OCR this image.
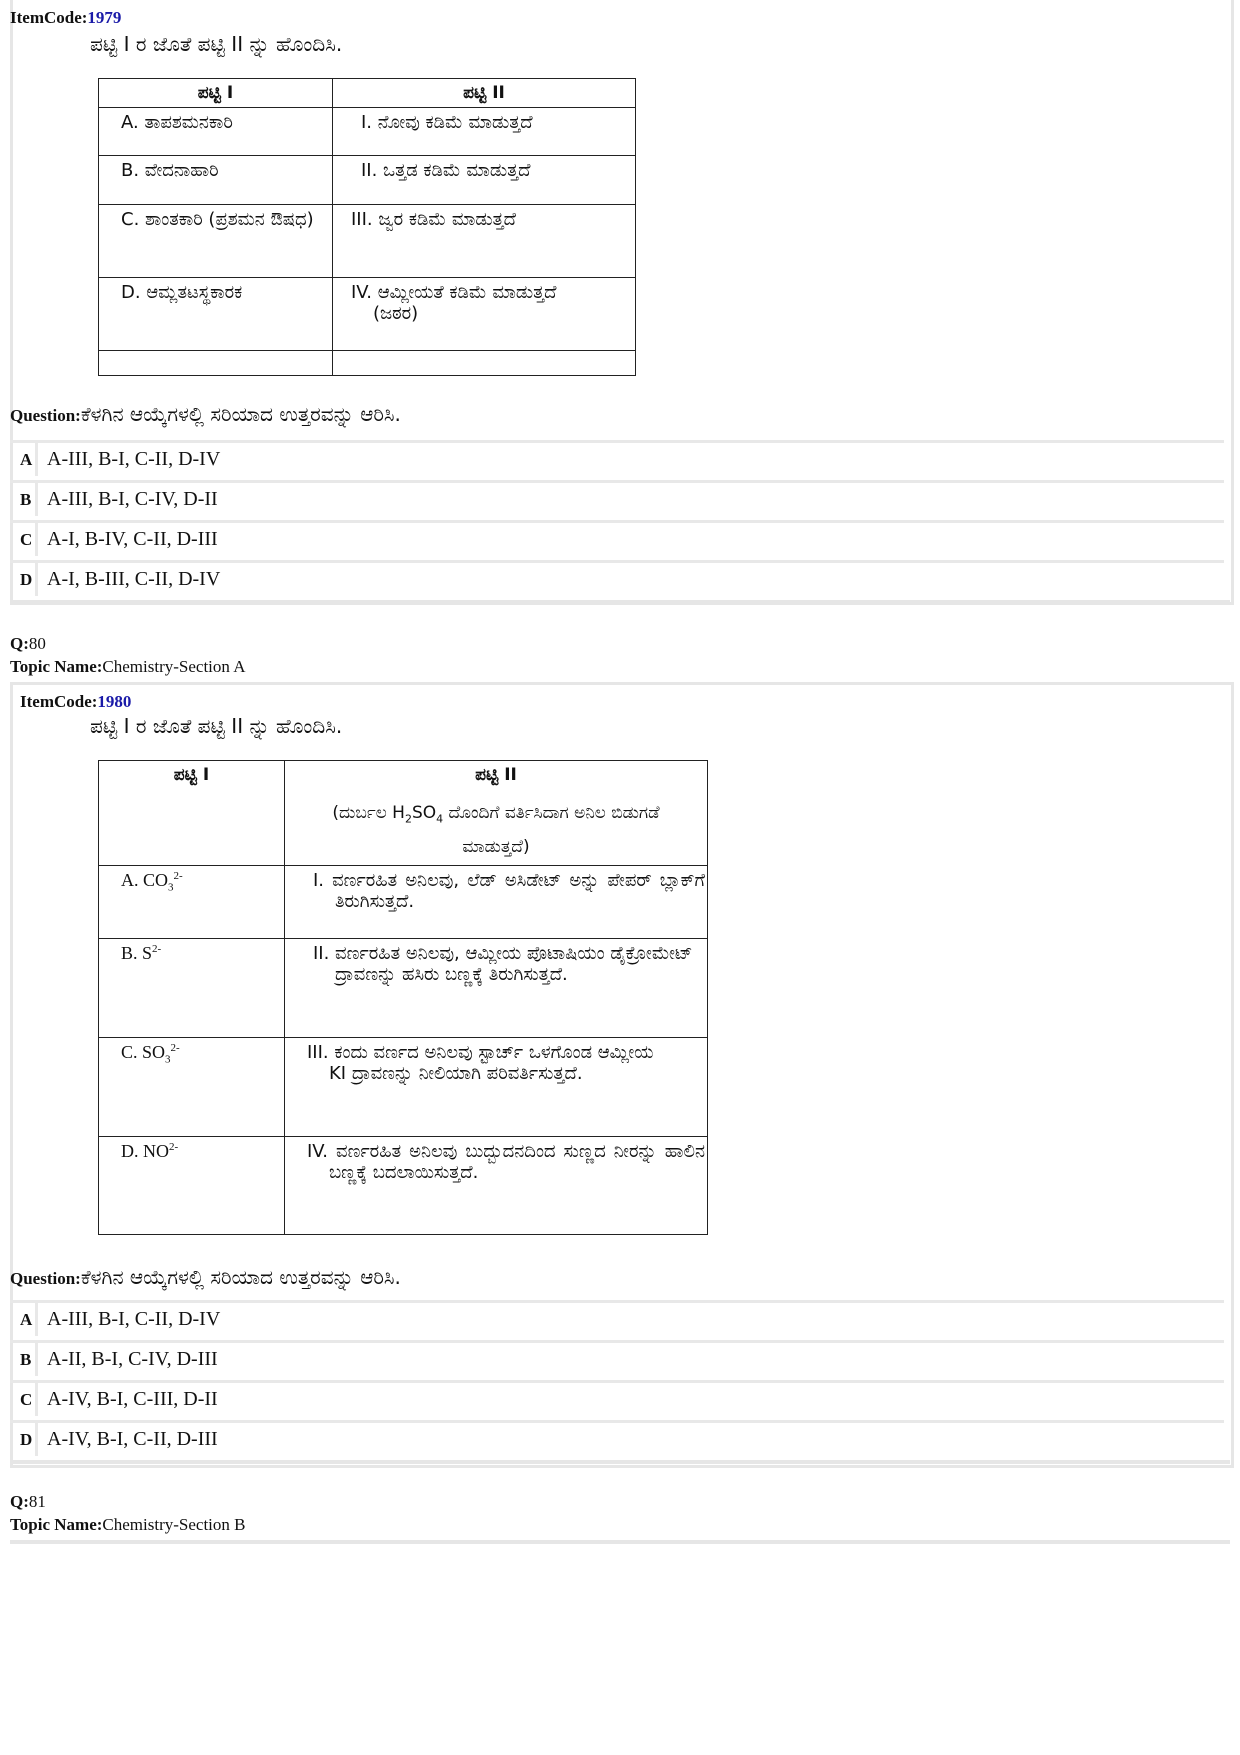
ItemCode:1979
ಪಟ್ಟಿ I ರ ಜೊತೆ ಪಟ್ಟಿ II ನ್ನು ಹೊಂದಿಸಿ.
ಪಟ್ಟಿ I	ಪಟ್ಟಿ II
A. ತಾಪಶಮನಕಾರಿ	I. ನೋವು ಕಡಿಮೆ ಮಾಡುತ್ತದೆ
B. ವೇದನಾಹಾರಿ	II. ಒತ್ತಡ ಕಡಿಮೆ ಮಾಡುತ್ತದೆ
C. ಶಾಂತಕಾರಿ (ಪ್ರಶಮನ ಔಷಧ)	III. ಜ್ವರ ಕಡಿಮೆ ಮಾಡುತ್ತದೆ
D. ಆಮ್ಲತಟಸ್ಥಕಾರಕ	IV. ಆಮ್ಲೀಯತೆ ಕಡಿಮೆ ಮಾಡುತ್ತದೆ (ಜಠರ)

Question:ಕೆಳಗಿನ ಆಯ್ಕೆಗಳಲ್ಲಿ ಸರಿಯಾದ ಉತ್ತರವನ್ನು ಆರಿಸಿ.
A A-III, B-I, C-II, D-IV
B A-III, B-I, C-IV, D-II
C A-I, B-IV, C-II, D-III
D A-I, B-III, C-II, D-IV
Q:80
Topic Name:Chemistry-Section A
ItemCode:1980
ಪಟ್ಟಿ I ರ ಜೊತೆ ಪಟ್ಟಿ II ನ್ನು ಹೊಂದಿಸಿ.
ಪಟ್ಟಿ I	ಪಟ್ಟಿ II
(ದುರ್ಬಲ $H_2SO_4$ ದೊಂದಿಗೆ ವರ್ತಿಸಿದಾಗ ಅನಿಲ ಬಿಡುಗಡೆ ಮಾಡುತ್ತದೆ)

A. $CO_3^{2-}$	I. ವರ್ಣರಹಿತ ಅನಿಲವು, ಲೆಡ್ ಅಸಿಡೇಟ್ ಅನ್ನು ಪೇಪರ್ ಬ್ಲಾಕ್‌ಗೆ ತಿರುಗಿಸುತ್ತದೆ.
B. $S^{2-}$	II. ವರ್ಣರಹಿತ ಅನಿಲವು, ಆಮ್ಲೀಯ ಪೊಟಾಷಿಯಂ ಡೈಕ್ರೋಮೇಟ್ ದ್ರಾವಣನ್ನು ಹಸಿರು ಬಣ್ಣಕ್ಕೆ ತಿರುಗಿಸುತ್ತದೆ.
C. $SO_3^{2-}$	III. ಕಂದು ವರ್ಣದ ಅನಿಲವು ಸ್ಟಾರ್ಚ್ ಒಳಗೊಂಡ ಆಮ್ಲೀಯ KI ದ್ರಾವಣನ್ನು ನೀಲಿಯಾಗಿ ಪರಿವರ್ತಿಸುತ್ತದೆ.
D. $NO^{2-}$	IV. ವರ್ಣರಹಿತ ಅನಿಲವು ಬುದ್ಬುದನದಿಂದ ಸುಣ್ಣದ ನೀರನ್ನು ಹಾಲಿನ ಬಣ್ಣಕ್ಕೆ ಬದಲಾಯಿಸುತ್ತದೆ.
Question:ಕೆಳಗಿನ ಆಯ್ಕೆಗಳಲ್ಲಿ ಸರಿಯಾದ ಉತ್ತರವನ್ನು ಆರಿಸಿ.
A A-III, B-I, C-II, D-IV
B A-II, B-I, C-IV, D-III
C A-IV, B-I, C-III, D-II
D A-IV, B-I, C-II, D-III
Q:81
Topic Name:Chemistry-Section B
